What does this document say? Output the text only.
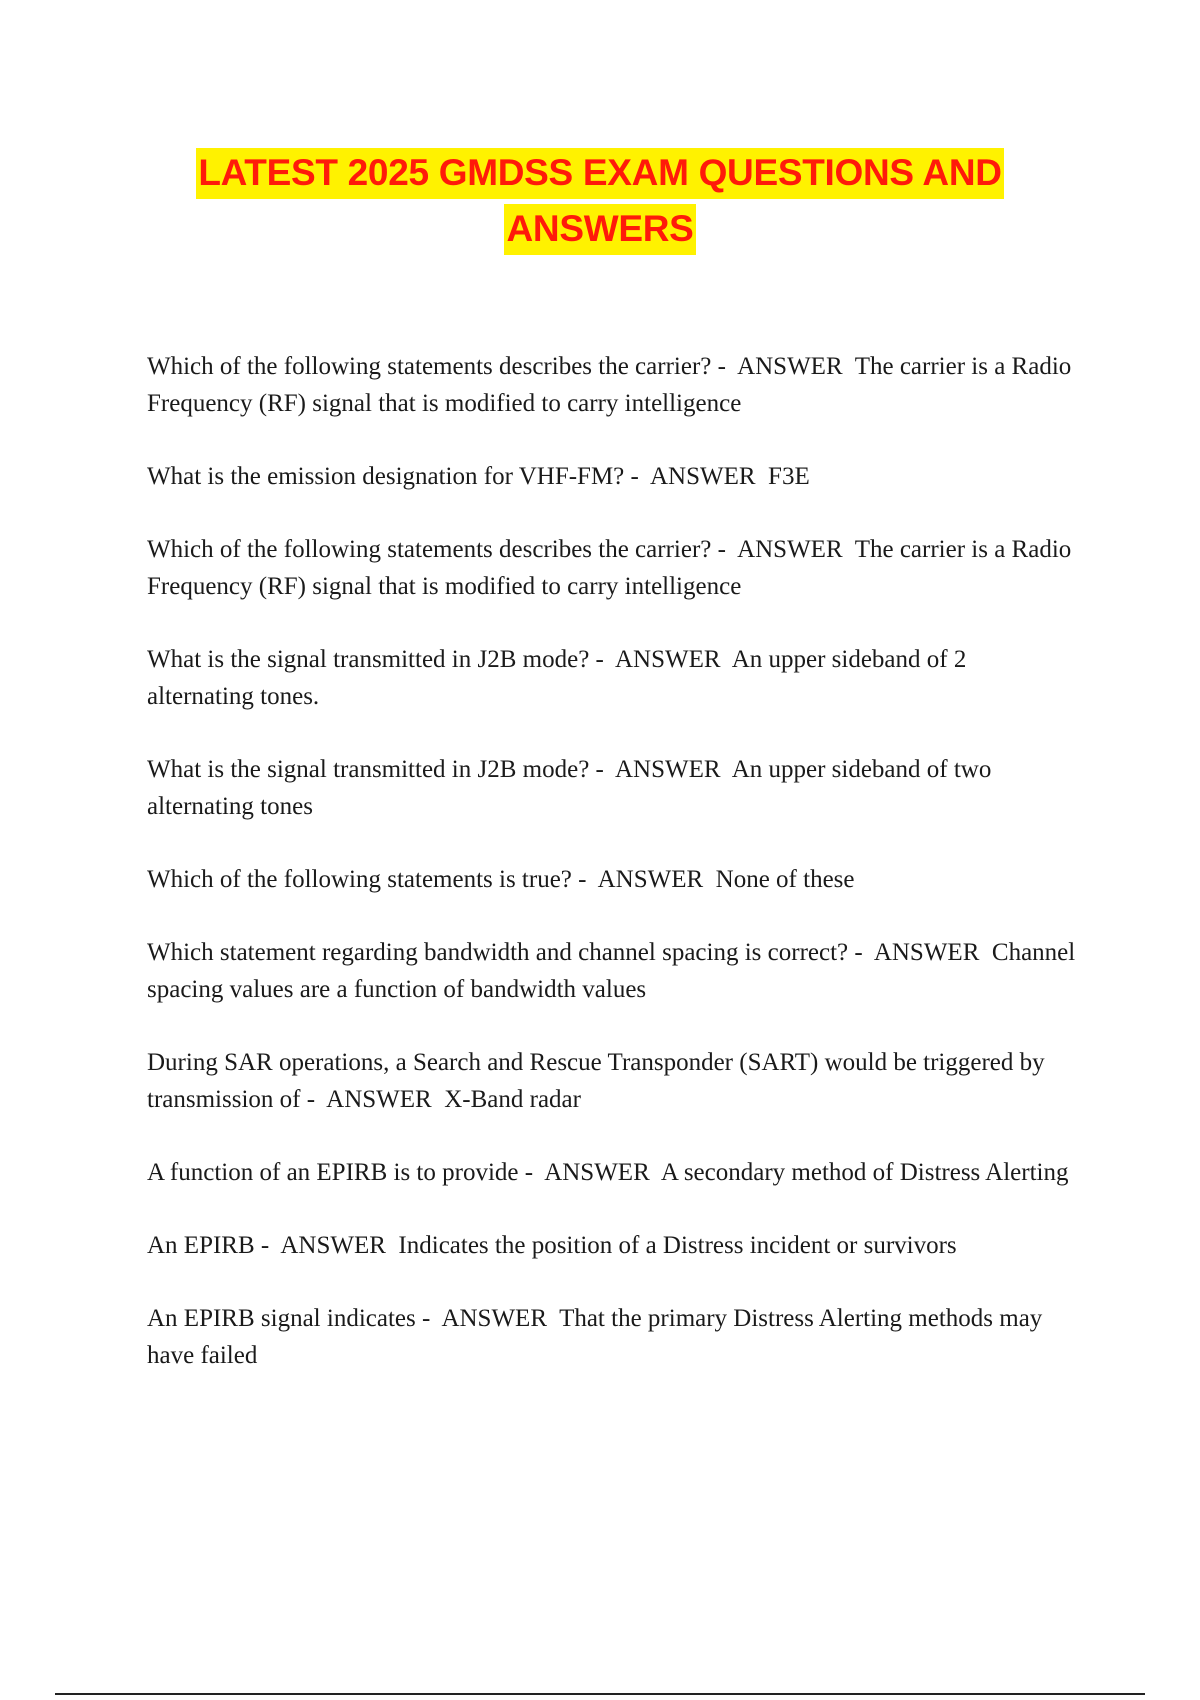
LATEST 2025 GMDSS EXAM QUESTIONS AND
ANSWERS
Which of the following statements describes the carrier? - ANSWER The carrier is a Radio Frequency (RF) signal that is modified to carry intelligence
What is the emission designation for VHF-FM? - ANSWER F3E
Which of the following statements describes the carrier? - ANSWER The carrier is a Radio Frequency (RF) signal that is modified to carry intelligence
What is the signal transmitted in J2B mode? - ANSWER An upper sideband of 2 alternating tones.
What is the signal transmitted in J2B mode? - ANSWER An upper sideband of two alternating tones
Which of the following statements is true? - ANSWER None of these
Which statement regarding bandwidth and channel spacing is correct? - ANSWER Channel spacing values are a function of bandwidth values
During SAR operations, a Search and Rescue Transponder (SART) would be triggered by transmission of - ANSWER X-Band radar
A function of an EPIRB is to provide - ANSWER A secondary method of Distress Alerting
An EPIRB - ANSWER Indicates the position of a Distress incident or survivors
An EPIRB signal indicates - ANSWER That the primary Distress Alerting methods may have failed
